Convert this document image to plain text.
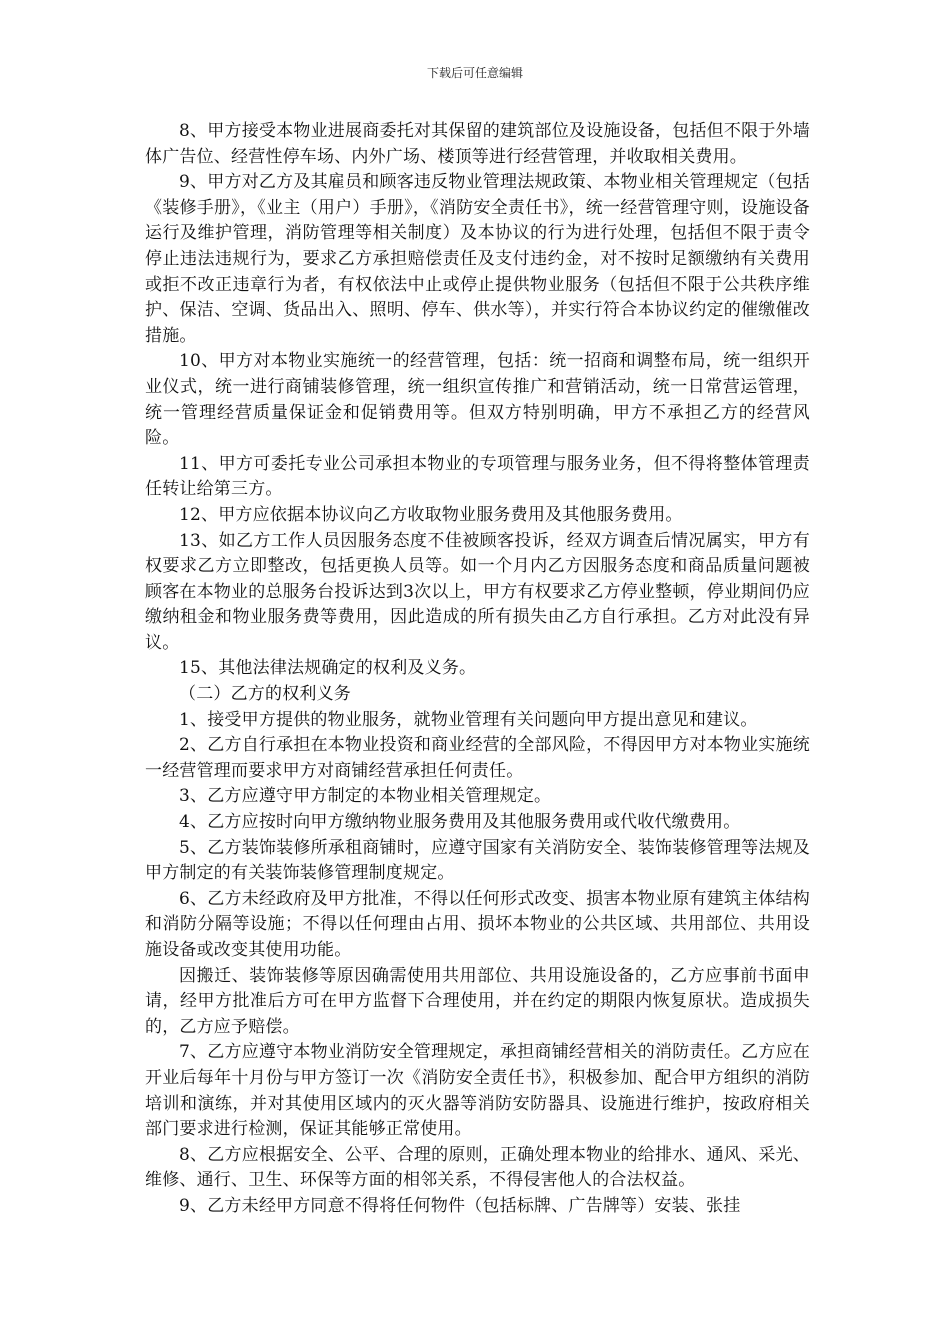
下载后可任意编辑

8、甲方接受本物业进展商委托对其保留的建筑部位及设施设备，包括但不限于外墙体广告位、经营性停车场、内外广场、楼顶等进行经营管理，并收取相关费用。

9、甲方对乙方及其雇员和顾客违反物业管理法规政策、本物业相关管理规定（包括《装修手册》，《业主（用户）手册》，《消防安全责任书》，统一经营管理守则，设施设备运行及维护管理，消防管理等相关制度）及本协议的行为进行处理，包括但不限于责令停止违法违规行为，要求乙方承担赔偿责任及支付违约金，对不按时足额缴纳有关费用或拒不改正违章行为者，有权依法中止或停止提供物业服务（包括但不限于公共秩序维护、保洁、空调、货品出入、照明、停车、供水等），并实行符合本协议约定的催缴催改措施。

10、甲方对本物业实施统一的经营管理，包括：统一招商和调整布局，统一组织开业仪式，统一进行商铺装修管理，统一组织宣传推广和营销活动，统一日常营运管理，统一管理经营质量保证金和促销费用等。但双方特别明确，甲方不承担乙方的经营风险。

11、甲方可委托专业公司承担本物业的专项管理与服务业务，但不得将整体管理责任转让给第三方。

12、甲方应依据本协议向乙方收取物业服务费用及其他服务费用。

13、如乙方工作人员因服务态度不佳被顾客投诉，经双方调查后情况属实，甲方有权要求乙方立即整改，包括更换人员等。如一个月内乙方因服务态度和商品质量问题被顾客在本物业的总服务台投诉达到3次以上，甲方有权要求乙方停业整顿，停业期间仍应缴纳租金和物业服务费等费用，因此造成的所有损失由乙方自行承担。乙方对此没有异议。

15、其他法律法规确定的权利及义务。

（二）乙方的权利义务

1、接受甲方提供的物业服务，就物业管理有关问题向甲方提出意见和建议。

2、乙方自行承担在本物业投资和商业经营的全部风险，不得因甲方对本物业实施统一经营管理而要求甲方对商铺经营承担任何责任。

3、乙方应遵守甲方制定的本物业相关管理规定。

4、乙方应按时向甲方缴纳物业服务费用及其他服务费用或代收代缴费用。

5、乙方装饰装修所承租商铺时，应遵守国家有关消防安全、装饰装修管理等法规及甲方制定的有关装饰装修管理制度规定。

6、乙方未经政府及甲方批准，不得以任何形式改变、损害本物业原有建筑主体结构和消防分隔等设施；不得以任何理由占用、损坏本物业的公共区域、共用部位、共用设施设备或改变其使用功能。

因搬迁、装饰装修等原因确需使用共用部位、共用设施设备的，乙方应事前书面申请，经甲方批准后方可在甲方监督下合理使用，并在约定的期限内恢复原状。造成损失的，乙方应予赔偿。

7、乙方应遵守本物业消防安全管理规定，承担商铺经营相关的消防责任。乙方应在开业后每年十月份与甲方签订一次《消防安全责任书》，积极参加、配合甲方组织的消防培训和演练，并对其使用区域内的灭火器等消防安防器具、设施进行维护，按政府相关部门要求进行检测，保证其能够正常使用。

8、乙方应根据安全、公平、合理的原则，正确处理本物业的给排水、通风、采光、维修、通行、卫生、环保等方面的相邻关系，不得侵害他人的合法权益。

9、乙方未经甲方同意不得将任何物件（包括标牌、广告牌等）安装、张挂
